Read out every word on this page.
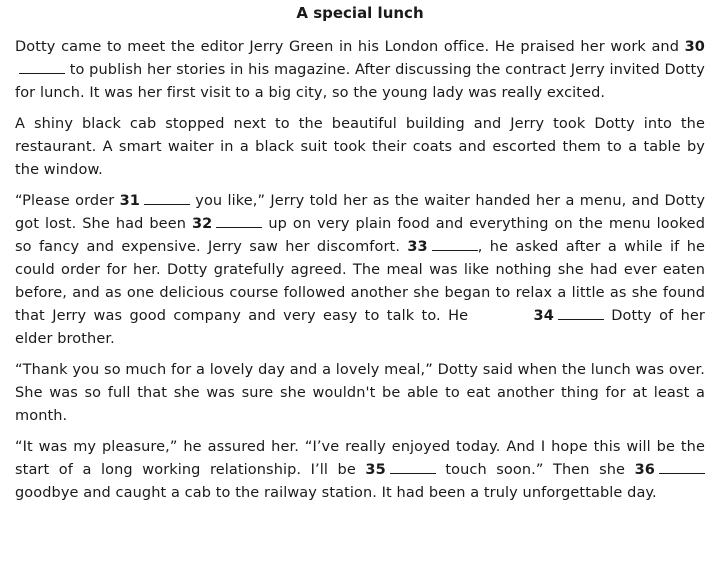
A special lunch

Dotty came to meet the editor Jerry Green in his London office. He praised her work and 30 to publish her stories in his magazine. After discussing the contract Jerry invited Dotty for lunch. It was her first visit to a big city, so the young lady was really excited.

A shiny black cab stopped next to the beautiful building and Jerry took Dotty into the restaurant. A smart waiter in a black suit took their coats and escorted them to a table by the window.

“Please order 31	you like,” Jerry told her as the waiter handed her a menu, and Dotty got lost. She had been 32	up on very plain food and everything on the menu looked so fancy and expensive. Jerry saw her discomfort. 33	, he asked after a while if he could order for her. Dotty gratefully agreed. The meal was like nothing she had ever eaten before, and as one delicious course followed another she began to relax a little as she found that Jerry was good company and very easy to talk to. He	34	Dotty of her elder brother.

“Thank you so much for a lovely day and a lovely meal,” Dotty said when the lunch was over. She was so full that she was sure she wouldn't be able to eat another thing for at least a month.

“It was my pleasure,” he assured her. “I’ve really enjoyed today. And I hope this will be the start of a long working relationship. I’ll be 35	touch soon.” Then she 36 goodbye and caught a cab to the railway station. It had been a truly unforgettable day.
